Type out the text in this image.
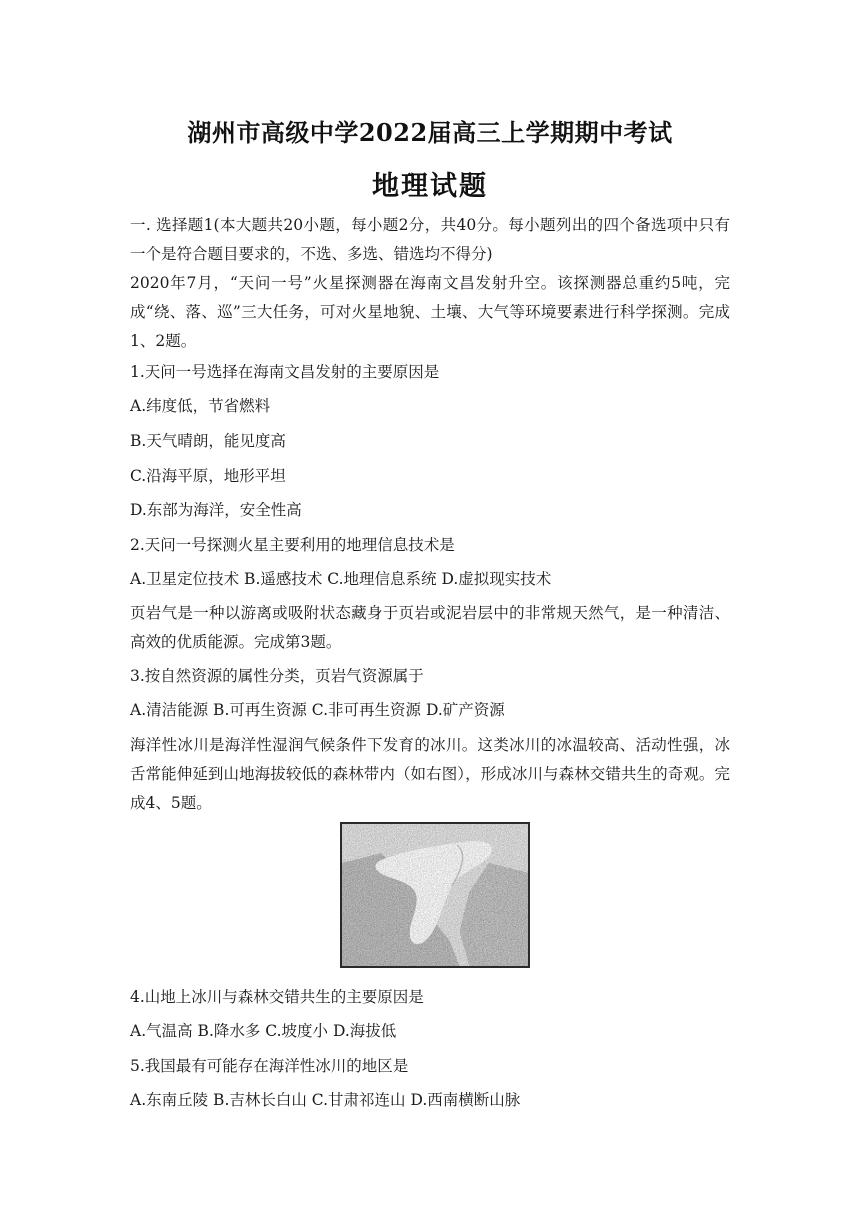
湖州市高级中学2022届高三上学期期中考试
地理试题
一. 选择题1(本大题共20小题，每小题2分，共40分。每小题列出的四个备选项中只有一个是符合题目要求的，不选、多选、错选均不得分)
2020年7月，“天问一号”火星探测器在海南文昌发射升空。该探测器总重约5吨，完成“绕、落、巡”三大任务，可对火星地貌、土壤、大气等环境要素进行科学探测。完成1、2题。
1.天问一号选择在海南文昌发射的主要原因是
A.纬度低，节省燃料
B.天气晴朗，能见度高
C.沿海平原，地形平坦
D.东部为海洋，安全性高
2.天问一号探测火星主要利用的地理信息技术是
A.卫星定位技术 B.遥感技术 C.地理信息系统 D.虚拟现实技术
页岩气是一种以游离或吸附状态藏身于页岩或泥岩层中的非常规天然气，是一种清洁、高效的优质能源。完成第3题。
3.按自然资源的属性分类，页岩气资源属于
A.清洁能源 B.可再生资源 C.非可再生资源 D.矿产资源
海洋性冰川是海洋性湿润气候条件下发育的冰川。这类冰川的冰温较高、活动性强，冰舌常能伸延到山地海拔较低的森林带内（如右图），形成冰川与森林交错共生的奇观。完成4、5题。
4.山地上冰川与森林交错共生的主要原因是
A.气温高 B.降水多 C.坡度小 D.海拔低
5.我国最有可能存在海洋性冰川的地区是
A.东南丘陵 B.吉林长白山 C.甘肃祁连山 D.西南横断山脉
